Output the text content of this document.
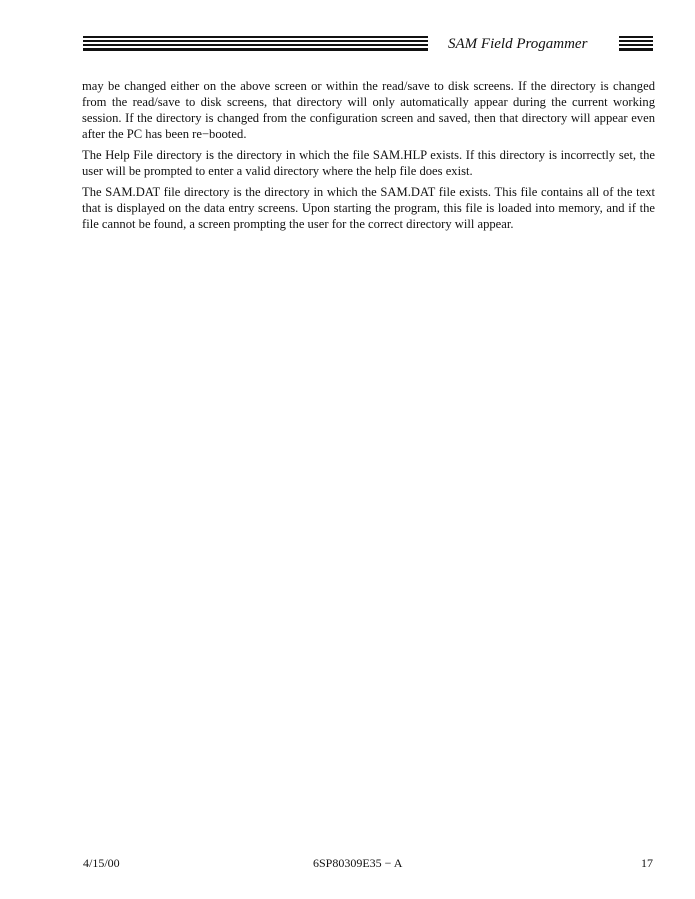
SAM Field Progammer

may be changed either on the above screen or within the read/save to disk screens. If the directory is changed from the read/save to disk screens, that directory will only automatically appear during the current working session. If the directory is changed from the configuration screen and saved, then that directory will appear even after the PC has been re−booted.

The Help File directory is the directory in which the file SAM.HLP exists. If this directory is incorrectly set, the user will be prompted to enter a valid directory where the help file does exist.

The SAM.DAT file directory is the directory in which the SAM.DAT file exists. This file contains all of the text that is displayed on the data entry screens. Upon starting the program, this file is loaded into memory, and if the file cannot be found, a screen prompting the user for the correct directory will appear.

4/15/00	6SP80309E35 − A	17
